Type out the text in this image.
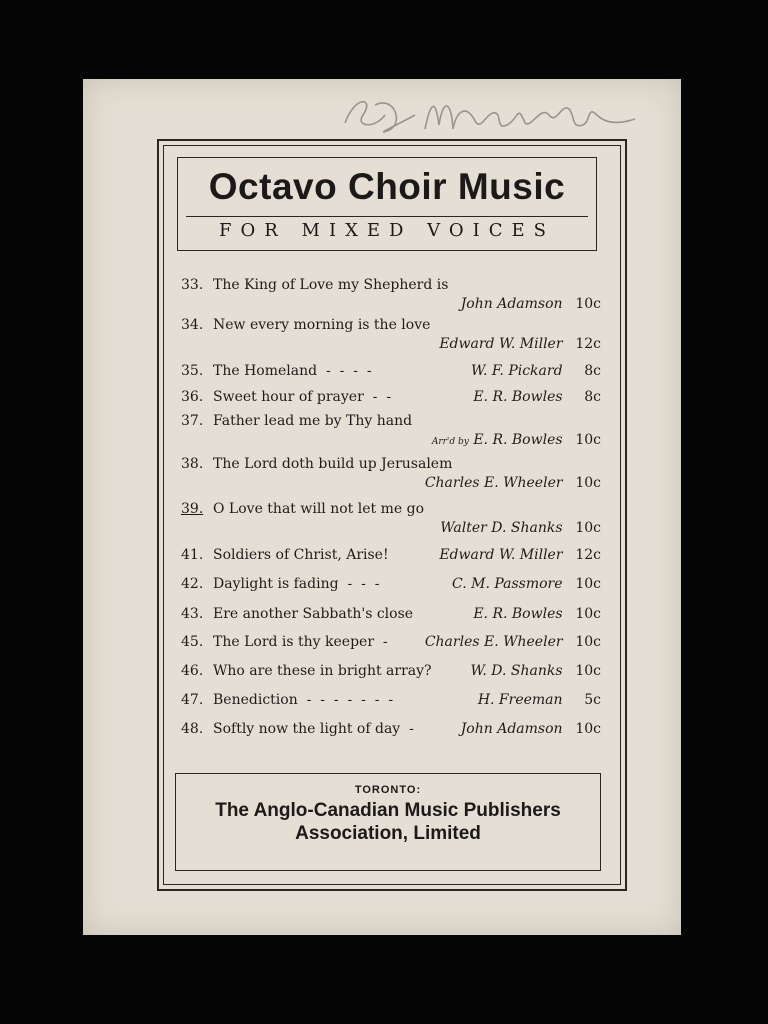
Octavo Choir Music
FOR MIXED VOICES
33. The King of Love my Shepherd is
John Adamson 10c
34. New every morning is the love
Edward W. Miller 12c
35. The Homeland  -  -  -  -	W. F. Pickard 8c
36. Sweet hour of prayer  -  -	E. R. Bowles 8c
37. Father lead me by Thy hand
Arr'd by E. R. Bowles 10c
38. The Lord doth build up Jerusalem
Charles E. Wheeler 10c
39. O Love that will not let me go
Walter D. Shanks 10c
41. Soldiers of Christ, Arise!	Edward W. Miller 12c
42. Daylight is fading  -  -  -	C. M. Passmore 10c
43. Ere another Sabbath's close	E. R. Bowles 10c
45. The Lord is thy keeper  -	Charles E. Wheeler 10c
46. Who are these in bright array?	W. D. Shanks 10c
47. Benediction  -  -  -  -  -  -  -	H. Freeman 5c
48. Softly now the light of day  -	John Adamson 10c
TORONTO:
The Anglo-Canadian Music Publishers
Association, Limited
